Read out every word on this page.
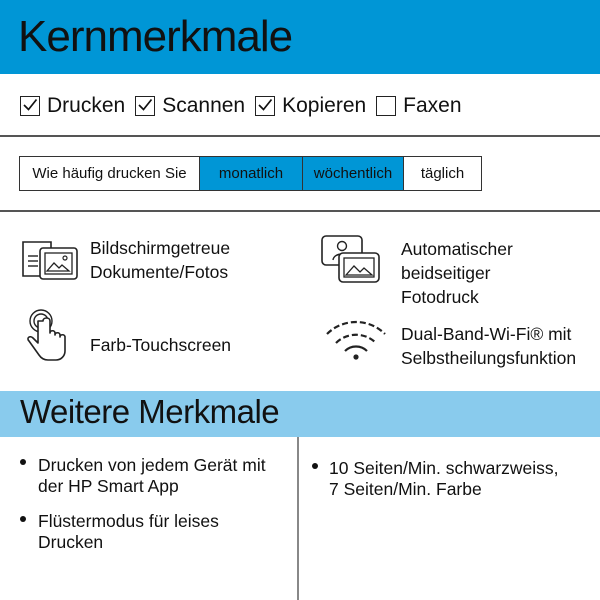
Kernmerkmale
Drucken Scannen Kopieren Faxen
Wie häufig drucken Sie	monatlich	wöchentlich	täglich
Bildschirmgetreue
Dokumente/Fotos
Automatischer
beidseitiger
Fotodruck
Farb-Touchscreen
Dual-Band-Wi-Fi® mit
Selbstheilungsfunktion
Weitere Merkmale
Drucken von jedem Gerät mit
der HP Smart App
Flüstermodus für leises
Drucken
10 Seiten/Min. schwarzweiss,
7 Seiten/Min. Farbe
